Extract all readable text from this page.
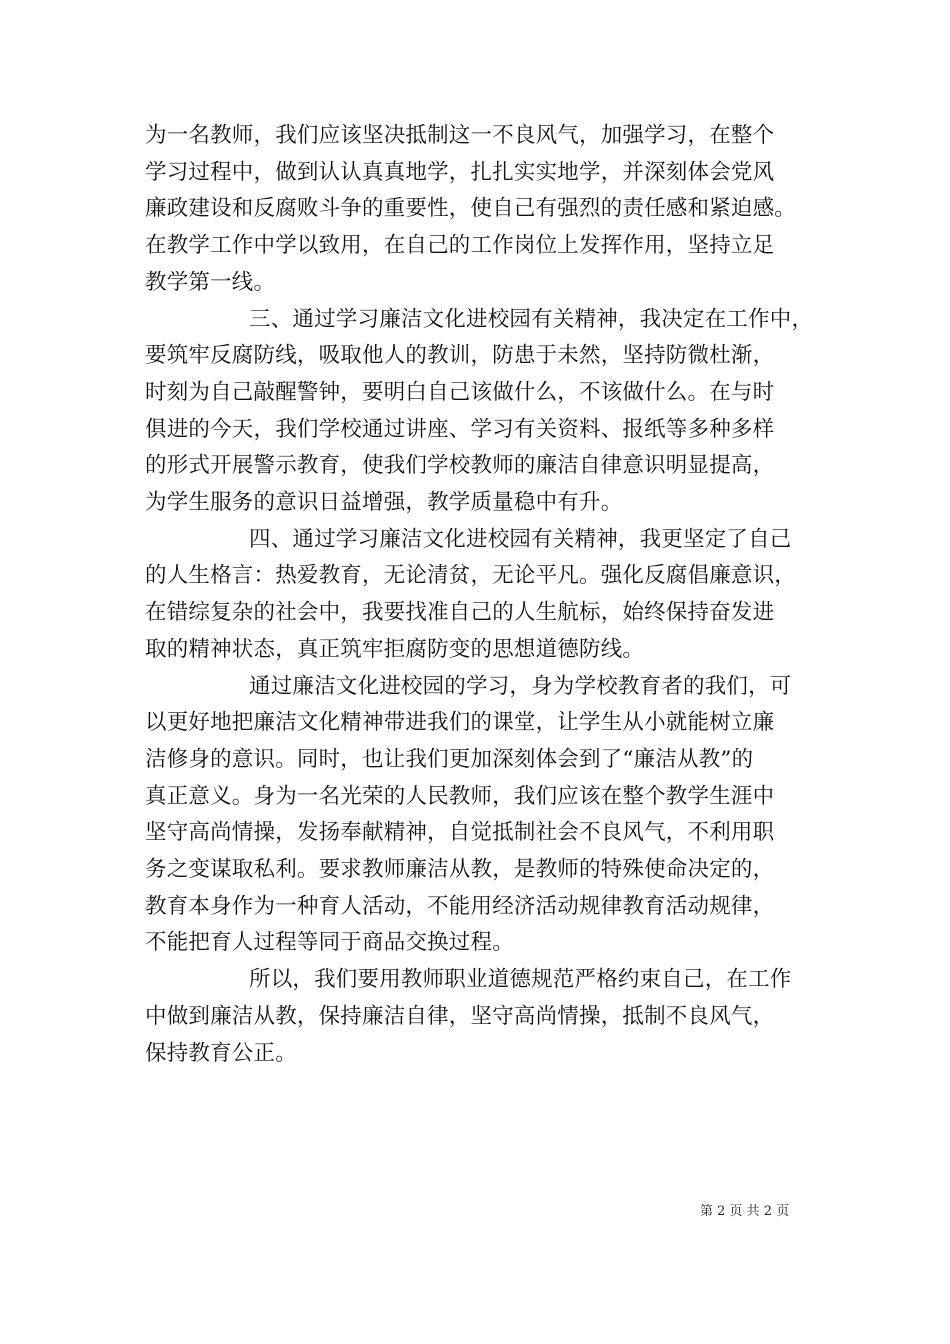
为一名教师，我们应该坚决抵制这一不良风气，加强学习，在整个
学习过程中，做到认认真真地学，扎扎实实地学，并深刻体会党风
廉政建设和反腐败斗争的重要性，使自己有强烈的责任感和紧迫感。
在教学工作中学以致用，在自己的工作岗位上发挥作用，坚持立足
教学第一线。
三、通过学习廉洁文化进校园有关精神，我决定在工作中，
要筑牢反腐防线，吸取他人的教训，防患于未然，坚持防微杜渐，
时刻为自己敲醒警钟，要明白自己该做什么，不该做什么。在与时
俱进的今天，我们学校通过讲座、学习有关资料、报纸等多种多样
的形式开展警示教育，使我们学校教师的廉洁自律意识明显提高，
为学生服务的意识日益增强，教学质量稳中有升。
四、通过学习廉洁文化进校园有关精神，我更坚定了自己
的人生格言：热爱教育，无论清贫，无论平凡。强化反腐倡廉意识，
在错综复杂的社会中，我要找准自己的人生航标，始终保持奋发进
取的精神状态，真正筑牢拒腐防变的思想道德防线。
通过廉洁文化进校园的学习，身为学校教育者的我们，可
以更好地把廉洁文化精神带进我们的课堂，让学生从小就能树立廉
洁修身的意识。同时，也让我们更加深刻体会到了“廉洁从教”的
真正意义。身为一名光荣的人民教师，我们应该在整个教学生涯中
坚守高尚情操，发扬奉献精神，自觉抵制社会不良风气，不利用职
务之变谋取私利。要求教师廉洁从教，是教师的特殊使命决定的，
教育本身作为一种育人活动，不能用经济活动规律教育活动规律，
不能把育人过程等同于商品交换过程。
所以，我们要用教师职业道德规范严格约束自己，在工作
中做到廉洁从教，保持廉洁自律，坚守高尚情操，抵制不良风气，
保持教育公正。
第 2 页 共 2 页
